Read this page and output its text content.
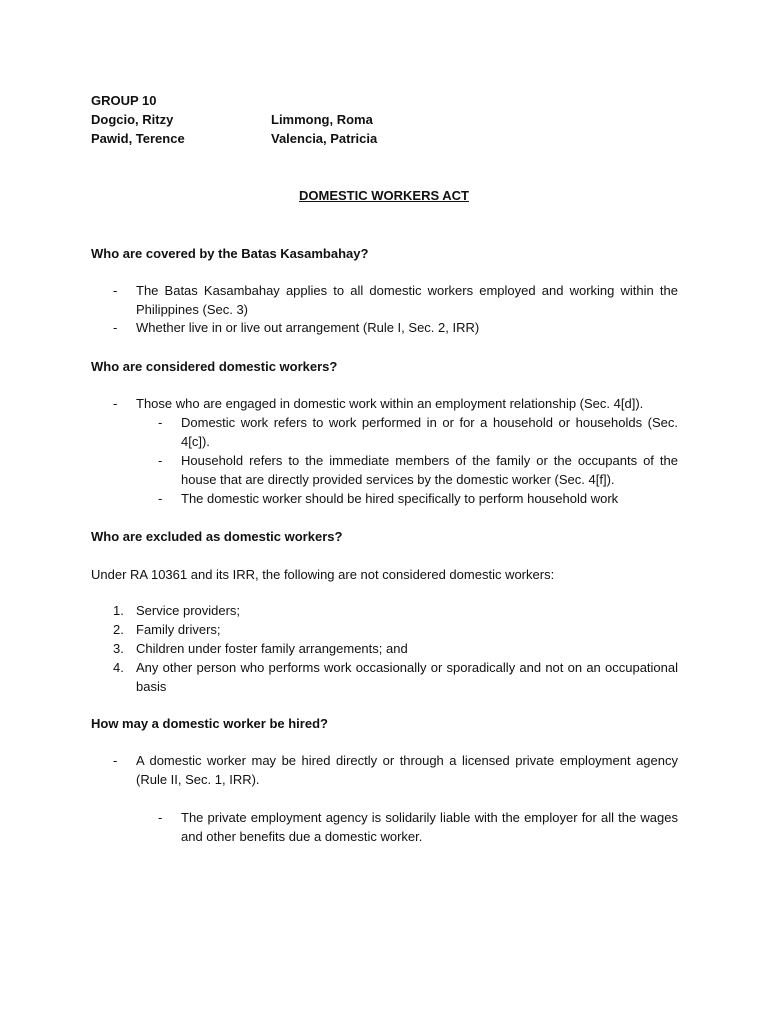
GROUP 10
Dogcio, Ritzy
Pawid, Terence
Limmong, Roma
Valencia, Patricia
DOMESTIC WORKERS ACT
Who are covered by the Batas Kasambahay?
- The Batas Kasambahay applies to all domestic workers employed and working within the Philippines (Sec. 3)
- Whether live in or live out arrangement (Rule I, Sec. 2, IRR)
Who are considered domestic workers?
- Those who are engaged in domestic work within an employment relationship (Sec. 4[d]).
- Domestic work refers to work performed in or for a household or households (Sec. 4[c]).
- Household refers to the immediate members of the family or the occupants of the house that are directly provided services by the domestic worker (Sec. 4[f]).
- The domestic worker should be hired specifically to perform household work
Who are excluded as domestic workers?
Under RA 10361 and its IRR, the following are not considered domestic workers:
1. Service providers;
2. Family drivers;
3. Children under foster family arrangements; and
4. Any other person who performs work occasionally or sporadically and not on an occupational basis
How may a domestic worker be hired?
- A domestic worker may be hired directly or through a licensed private employment agency (Rule II, Sec. 1, IRR).
- The private employment agency is solidarily liable with the employer for all the wages and other benefits due a domestic worker.
